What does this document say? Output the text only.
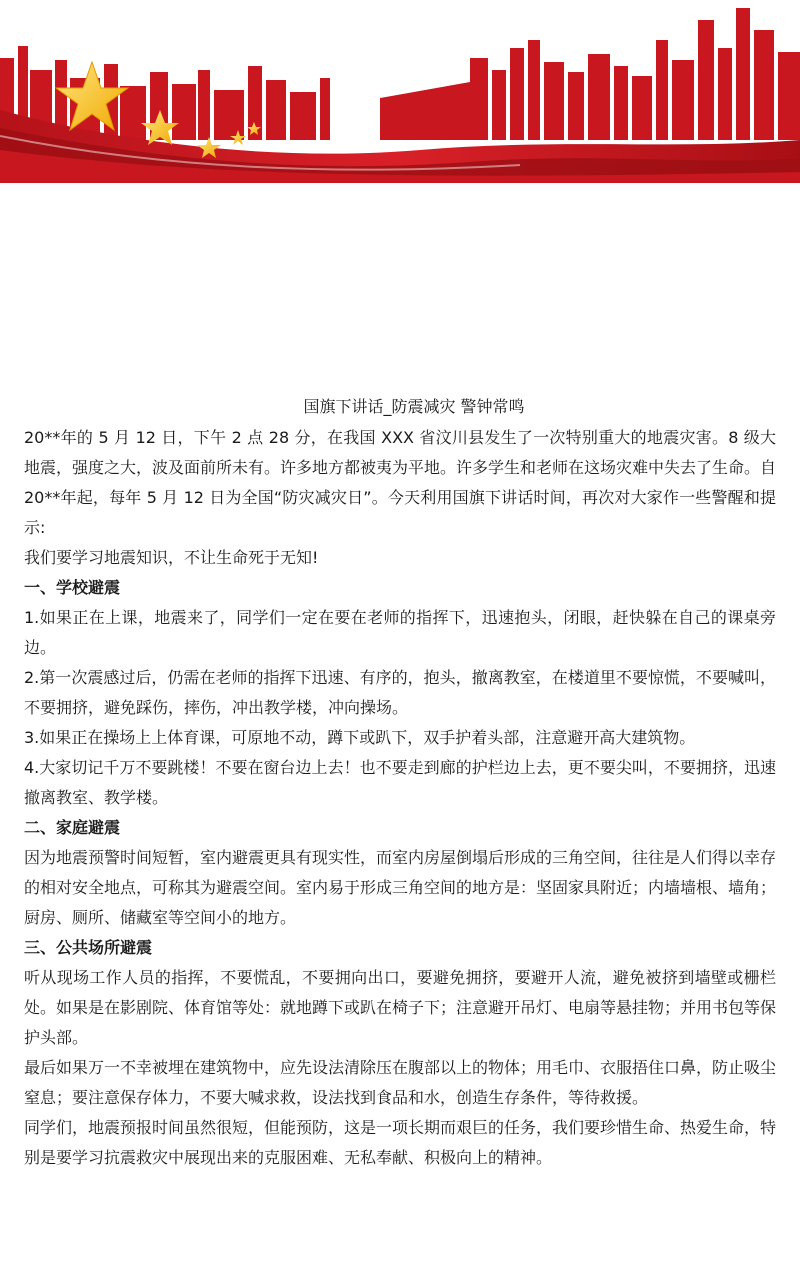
国旗下讲话_防震减灾 警钟常鸣

20**年的 5 月 12 日，下午 2 点 28 分，在我国 XXX 省汶川县发生了一次特别重大的地震灾害。8 级大地震，强度之大，波及面前所未有。许多地方都被夷为平地。许多学生和老师在这场灾难中失去了生命。自 20**年起，每年 5 月 12 日为全国“防灾减灾日”。今天利用国旗下讲话时间，再次对大家作一些警醒和提示:

我们要学习地震知识，不让生命死于无知!

一、学校避震

1.如果正在上课，地震来了，同学们一定在要在老师的指挥下，迅速抱头，闭眼，赶快躲在自己的课桌旁边。

2.第一次震感过后，仍需在老师的指挥下迅速、有序的，抱头，撤离教室，在楼道里不要惊慌，不要喊叫，不要拥挤，避免踩伤，摔伤，冲出教学楼，冲向操场。

3.如果正在操场上上体育课，可原地不动，蹲下或趴下，双手护着头部，注意避开高大建筑物。

4.大家切记千万不要跳楼！不要在窗台边上去！也不要走到廊的护栏边上去，更不要尖叫，不要拥挤，迅速撤离教室、教学楼。

二、家庭避震

因为地震预警时间短暂，室内避震更具有现实性，而室内房屋倒塌后形成的三角空间，往往是人们得以幸存的相对安全地点，可称其为避震空间。室内易于形成三角空间的地方是：坚固家具附近；内墙墙根、墙角；厨房、厕所、储藏室等空间小的地方。

三、公共场所避震

听从现场工作人员的指挥，不要慌乱，不要拥向出口，要避免拥挤，要避开人流，避免被挤到墙壁或栅栏处。如果是在影剧院、体育馆等处：就地蹲下或趴在椅子下；注意避开吊灯、电扇等悬挂物；并用书包等保护头部。

最后如果万一不幸被埋在建筑物中，应先设法清除压在腹部以上的物体；用毛巾、衣服捂住口鼻，防止吸尘窒息；要注意保存体力，不要大喊求救，设法找到食品和水，创造生存条件，等待救援。

同学们，地震预报时间虽然很短，但能预防，这是一项长期而艰巨的任务，我们要珍惜生命、热爱生命，特别是要学习抗震救灾中展现出来的克服困难、无私奉献、积极向上的精神。
